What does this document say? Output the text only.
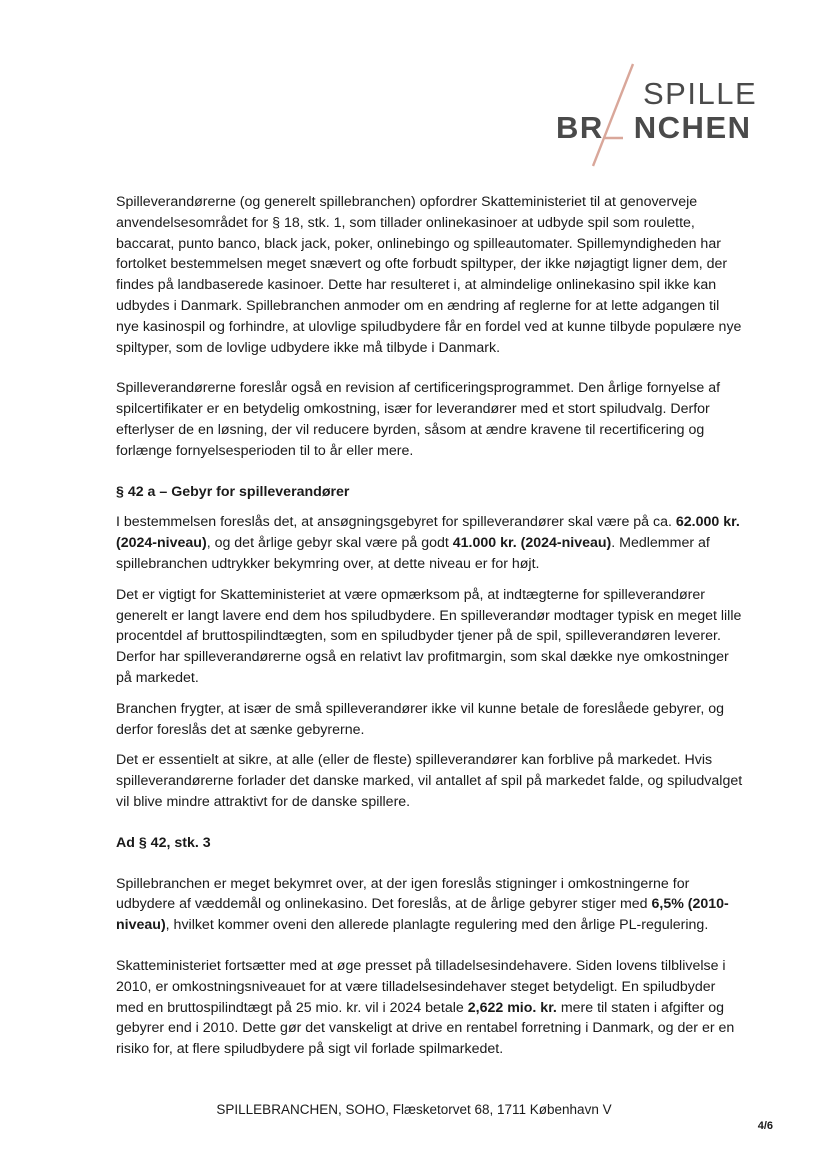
SPILLE
BR NCHEN

Spilleverandørerne (og generelt spillebranchen) opfordrer Skatteministeriet til at genoverveje anvendelsesområdet for § 18, stk. 1, som tillader onlinekasinoer at udbyde spil som roulette, baccarat, punto banco, black jack, poker, onlinebingo og spilleautomater. Spillemyndigheden har fortolket bestemmelsen meget snævert og ofte forbudt spiltyper, der ikke nøjagtigt ligner dem, der findes på landbaserede kasinoer. Dette har resulteret i, at almindelige onlinekasino spil ikke kan udbydes i Danmark. Spillebranchen anmoder om en ændring af reglerne for at lette adgangen til nye kasinospil og forhindre, at ulovlige spiludbydere får en fordel ved at kunne tilbyde populære nye spiltyper, som de lovlige udbydere ikke må tilbyde i Danmark.

Spilleverandørerne foreslår også en revision af certificeringsprogrammet. Den årlige fornyelse af spilcertifikater er en betydelig omkostning, især for leverandører med et stort spiludvalg. Derfor efterlyser de en løsning, der vil reducere byrden, såsom at ændre kravene til recertificering og forlænge fornyelsesperioden til to år eller mere.

§ 42 a – Gebyr for spilleverandører

I bestemmelsen foreslås det, at ansøgningsgebyret for spilleverandører skal være på ca. 62.000 kr. (2024-niveau), og det årlige gebyr skal være på godt 41.000 kr. (2024-niveau). Medlemmer af spillebranchen udtrykker bekymring over, at dette niveau er for højt.

Det er vigtigt for Skatteministeriet at være opmærksom på, at indtægterne for spilleverandører generelt er langt lavere end dem hos spiludbydere. En spilleverandør modtager typisk en meget lille procentdel af bruttospilindtægten, som en spiludbyder tjener på de spil, spilleverandøren leverer. Derfor har spilleverandørerne også en relativt lav profitmargin, som skal dække nye omkostninger på markedet.

Branchen frygter, at især de små spilleverandører ikke vil kunne betale de foreslåede gebyrer, og derfor foreslås det at sænke gebyrerne.

Det er essentielt at sikre, at alle (eller de fleste) spilleverandører kan forblive på markedet. Hvis spilleverandørerne forlader det danske marked, vil antallet af spil på markedet falde, og spiludvalget vil blive mindre attraktivt for de danske spillere.

Ad § 42, stk. 3

Spillebranchen er meget bekymret over, at der igen foreslås stigninger i omkostningerne for udbydere af væddemål og onlinekasino. Det foreslås, at de årlige gebyrer stiger med 6,5% (2010-niveau), hvilket kommer oveni den allerede planlagte regulering med den årlige PL-regulering.

Skatteministeriet fortsætter med at øge presset på tilladelsesindehavere. Siden lovens tilblivelse i 2010, er omkostningsniveauet for at være tilladelsesindehaver steget betydeligt. En spiludbyder med en bruttospilindtægt på 25 mio. kr. vil i 2024 betale 2,622 mio. kr. mere til staten i afgifter og gebyrer end i 2010. Dette gør det vanskeligt at drive en rentabel forretning i Danmark, og der er en risiko for, at flere spiludbydere på sigt vil forlade spilmarkedet.

SPILLEBRANCHEN, SOHO, Flæsketorvet 68, 1711 København V
4/6
